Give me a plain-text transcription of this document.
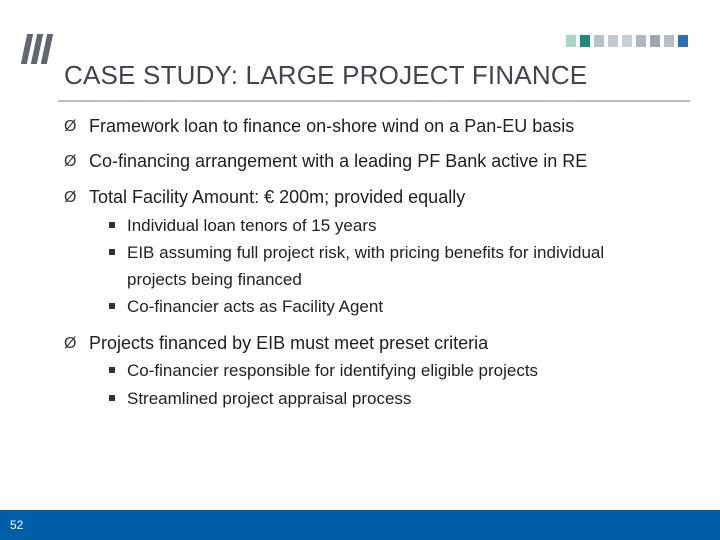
CASE STUDY: LARGE PROJECT FINANCE
Ø Framework loan to finance on-shore wind on a Pan-EU basis
Ø Co-financing arrangement with a leading PF Bank active in RE
Ø Total Facility Amount: € 200m; provided equally
Individual loan tenors of 15 years
EIB assuming full project risk, with pricing benefits for individual
projects being financed
Co-financier acts as Facility Agent
Ø Projects financed by EIB must meet preset criteria
Co-financier responsible for identifying eligible projects
Streamlined project appraisal process
52
